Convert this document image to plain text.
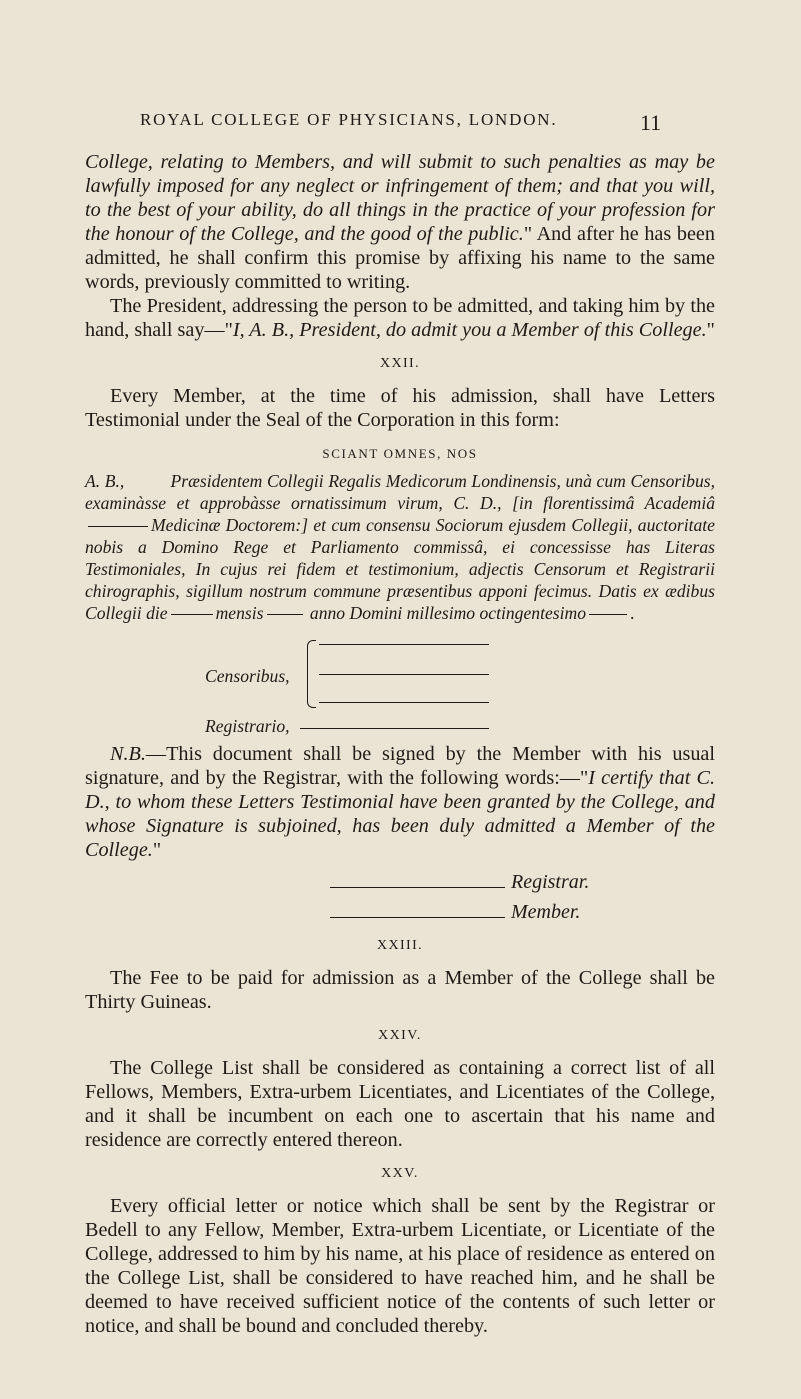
ROYAL COLLEGE OF PHYSICIANS, LONDON.	11

College, relating to Members, and will submit to such penalties as may be lawfully imposed for any neglect or infringement of them; and that you will, to the best of your ability, do all things in the practice of your profession for the honour of the College, and the good of the public." And after he has been admitted, he shall confirm this promise by affixing his name to the same words, previously committed to writing.

The President, addressing the person to be admitted, and taking him by the hand, shall say—"I, A. B., President, do admit you a Member of this College."

XXII.

Every Member, at the time of his admission, shall have Letters Testimonial under the Seal of the Corporation in this form:

SCIANT OMNES, NOS

A. B.,	Præsidentem Collegii Regalis Medicorum Londinensis, unà cum Censoribus, examinàsse et approbàsse ornatissimum virum, C. D., [in florentissimâ AcademiâMedicinæ Doctorem:] et cum consensu Sociorum ejusdem Collegii, auctoritate nobis a Domino Rege et Parliamento commissâ, ei concessisse has Literas Testimoniales, In cujus rei fidem et testimonium, adjectis Censorum et Registrarii chirographis, sigillum nostrum commune præsentibus apponi fecimus. Datis ex ædibus Collegii die	mensis	anno Domini millesimo octingentesimo	.

Censoribus,
Registrario,

N.B.—This document shall be signed by the Member with his usual signature, and by the Registrar, with the following words:—"I certify that C. D., to whom these Letters Testimonial have been granted by the College, and whose Signature is subjoined, has been duly admitted a Member of the College."

Registrar.
Member.
XXIII.

The Fee to be paid for admission as a Member of the College shall be Thirty Guineas.

XXIV.

The College List shall be considered as containing a correct list of all Fellows, Members, Extra-urbem Licentiates, and Licentiates of the College, and it shall be incumbent on each one to ascertain that his name and residence are correctly entered thereon.

XXV.

Every official letter or notice which shall be sent by the Registrar or Bedell to any Fellow, Member, Extra-urbem Licentiate, or Licentiate of the College, addressed to him by his name, at his place of residence as entered on the College List, shall be considered to have reached him, and he shall be deemed to have received sufficient notice of the contents of such letter or notice, and shall be bound and concluded thereby.
